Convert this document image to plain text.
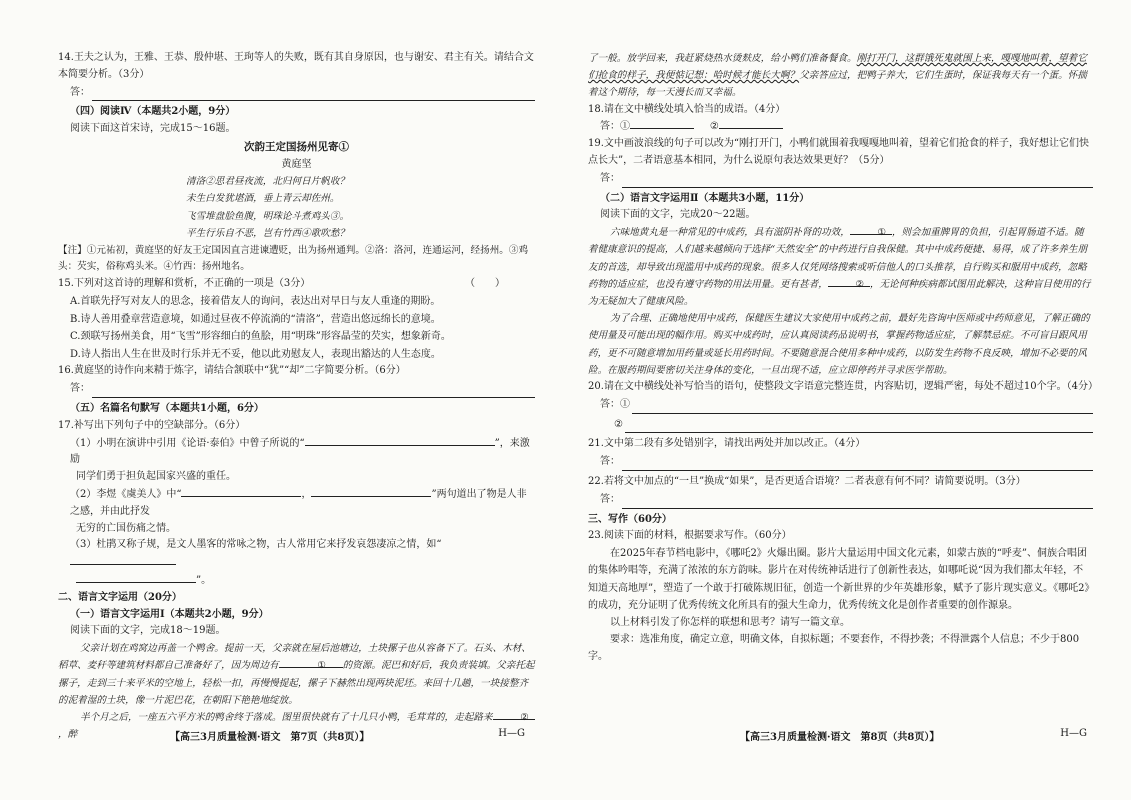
14.王夫之认为，王雅、王恭、殷仲堪、王珣等人的失败，既有其自身原因，也与谢安、君主有关。请结合文本简要分析。（3分）

答：

（四）阅读Ⅳ（本题共2小题，9分）

阅读下面这首宋诗，完成15～16题。

次韵王定国扬州见寄①
黄庭坚
清洛②思君昼夜流，北归何日片帆收？
未生白发犹堪酒，垂上青云却佐州。
飞雪堆盘脍鱼腹，明珠论斗煮鸡头③。
平生行乐自不恶，岂有竹西④歌吹愁？

【注】①元祐初，黄庭坚的好友王定国因直言进谏遭贬，出为扬州通判。②洛：洛河，连通运河，经扬州。③鸡头：芡实，俗称鸡头米。④竹西：扬州地名。

15.下列对这首诗的理解和赏析，不正确的一项是（3分）	（　　）

A.首联先抒写对友人的思念，接着借友人的询问，表达出对早日与友人重逢的期盼。
B.诗人善用叠章营造意境，如通过昼夜不停流淌的“清洛”，营造出悠远绵长的意境。
C.颈联写扬州美食，用“飞雪”形容细白的鱼脍，用“明珠”形容晶莹的芡实，想象新奇。
D.诗人指出人生在世及时行乐并无不妥，他以此劝慰友人，表现出豁达的人生态度。

16.黄庭坚的诗作向来精于炼字，请结合颔联中“犹”“却”二字简要分析。（6分）

答：

（五）名篇名句默写（本题共1小题，6分）

17.补写出下列句子中的空缺部分。（6分）

（1）小明在演讲中引用《论语·泰伯》中曾子所说的“	”，来激励

同学们勇于担负起国家兴盛的重任。

（2）李煜《虞美人》中“	，	”两句道出了物是人非之感，并由此抒发

无穷的亡国伤痛之情。

（3）杜鹃又称子规，是文人墨客的常咏之物，古人常用它来抒发哀怨凄凉之情，如“

”。

二、语言文字运用（20分）

（一）语言文字运用Ⅰ（本题共2小题，9分）

阅读下面的文字，完成18～19题。

父亲计划在鸡窝边再盖一个鸭舍。提前一天，父亲就在屋后池塘边，土块摞子也从容备下了。石头、木材、稻草、麦秆等建筑材料都自己准备好了，因为周边有	① 的资源。泥巴和好后，我负责装填。父亲托起摞子，走到三十来平米的空地上，轻松一扣，再慢慢提起，摞子下赫然出现两块泥坯。来回十几趟，一块接整齐的泥着湿的土块，像一片泥巴花，在朝阳下艳艳地绽放。

半个月之后，一座五六平方米的鸭舍终于落成。图里很快就有了十几只小鸭，毛茸茸的，走起路来	②，醉	【高三3月质量检测·语文　第7页（共8页）】	H—G

了一般。放学回来，我赶紧烧热水烫麸皮，给小鸭们准备餐食。刚打开门，这群饿死鬼就围上来，嘎嘎地叫着，望着它们抢食的样子，我便惦记想：哈时候才能长大啊？父亲答应过，把鸭子养大，它们生蛋时，保证我每天有一个蛋。怀揣着这个期待，每一天漫长而又幸福。

18.请在文中横线处填入恰当的成语。（4分）

答：①	②

19.文中画波浪线的句子可以改为“刚打开门，小鸭们就围着我嘎嘎地叫着，望着它们抢食的样子，我好想让它们快点长大”，二者语意基本相同，为什么说原句表达效果更好？（5分）

答：

（二）语言文字运用Ⅱ（本题共3小题，11分）

阅读下面的文字，完成20～22题。

六味地黄丸是一种常见的中成药，具有滋阴补肾的功效，	① ，则会加重脾胃的负担，引起胃肠道不适。随着健康意识的提高，人们越来越倾向于选择“天然安全”的中药进行自我保健。其中中成药便捷、易得，成了许多养生朋友的首选，却导致出现滥用中成药的现象。很多人仅凭网络搜索或听信他人的口头推荐，自行购买和服用中成药，忽略药物的适应症，也没有遵守药物的用法用量。更有甚者，	② ，无论何种疾病都试图用此解决，这种盲目使用的行为无疑加大了健康风险。

为了合理、正确地使用中成药，保健医生建议大家使用中成药之前，最好先咨询中医师或中药师意见，了解正确的使用量及可能出现的幅作用。购买中成药时，应认真阅读药品说明书，掌握药物适应症，了解禁忌症。不可盲目跟风用药，更不可随意增加用药量或延长用药时间。不要随意混合使用多种中成药，以防发生药物不良反映，增加不必要的风险。在服药期间要密切关注身体的变化，一旦出现不适，应立即停药并寻求医学帮助。

20.请在文中横线处补写恰当的语句，使整段文字语意完整连贯，内容贴切，逻辑严密，每处不超过10个字。（4分）

答：①
②

21.文中第二段有多处错别字，请找出两处并加以改正。（4分）

答：

22.若将文中加点的“一旦”换成“如果”，是否更适合语境？二者表意有何不同？请简要说明。（3分）

答：

三、写作（60分）

23.阅读下面的材料，根据要求写作。（60分）

在2025年春节档电影中，《哪吒2》火爆出圈。影片大量运用中国文化元素，如蒙古族的“呼麦”、侗族合唱团的集体吟唱等，充满了浓浓的东方韵味。影片在对传统神话进行了创新性表达，如哪吒说“因为我们都太年轻，不知道天高地厚”，塑造了一个敢于打破陈规旧征，创造一个新世界的少年英雄形象，赋予了影片现实意义。《哪吒2》的成功，充分证明了优秀传统文化所具有的强大生命力，优秀传统文化是创作者重要的创作源泉。

以上材料引发了你怎样的联想和思考？请写一篇文章。

要求：选准角度，确定立意，明确文体，自拟标题；不要套作，不得抄袭；不得泄露个人信息；不少于800字。

【高三3月质量检测·语文　第8页（共8页）】	H—G
